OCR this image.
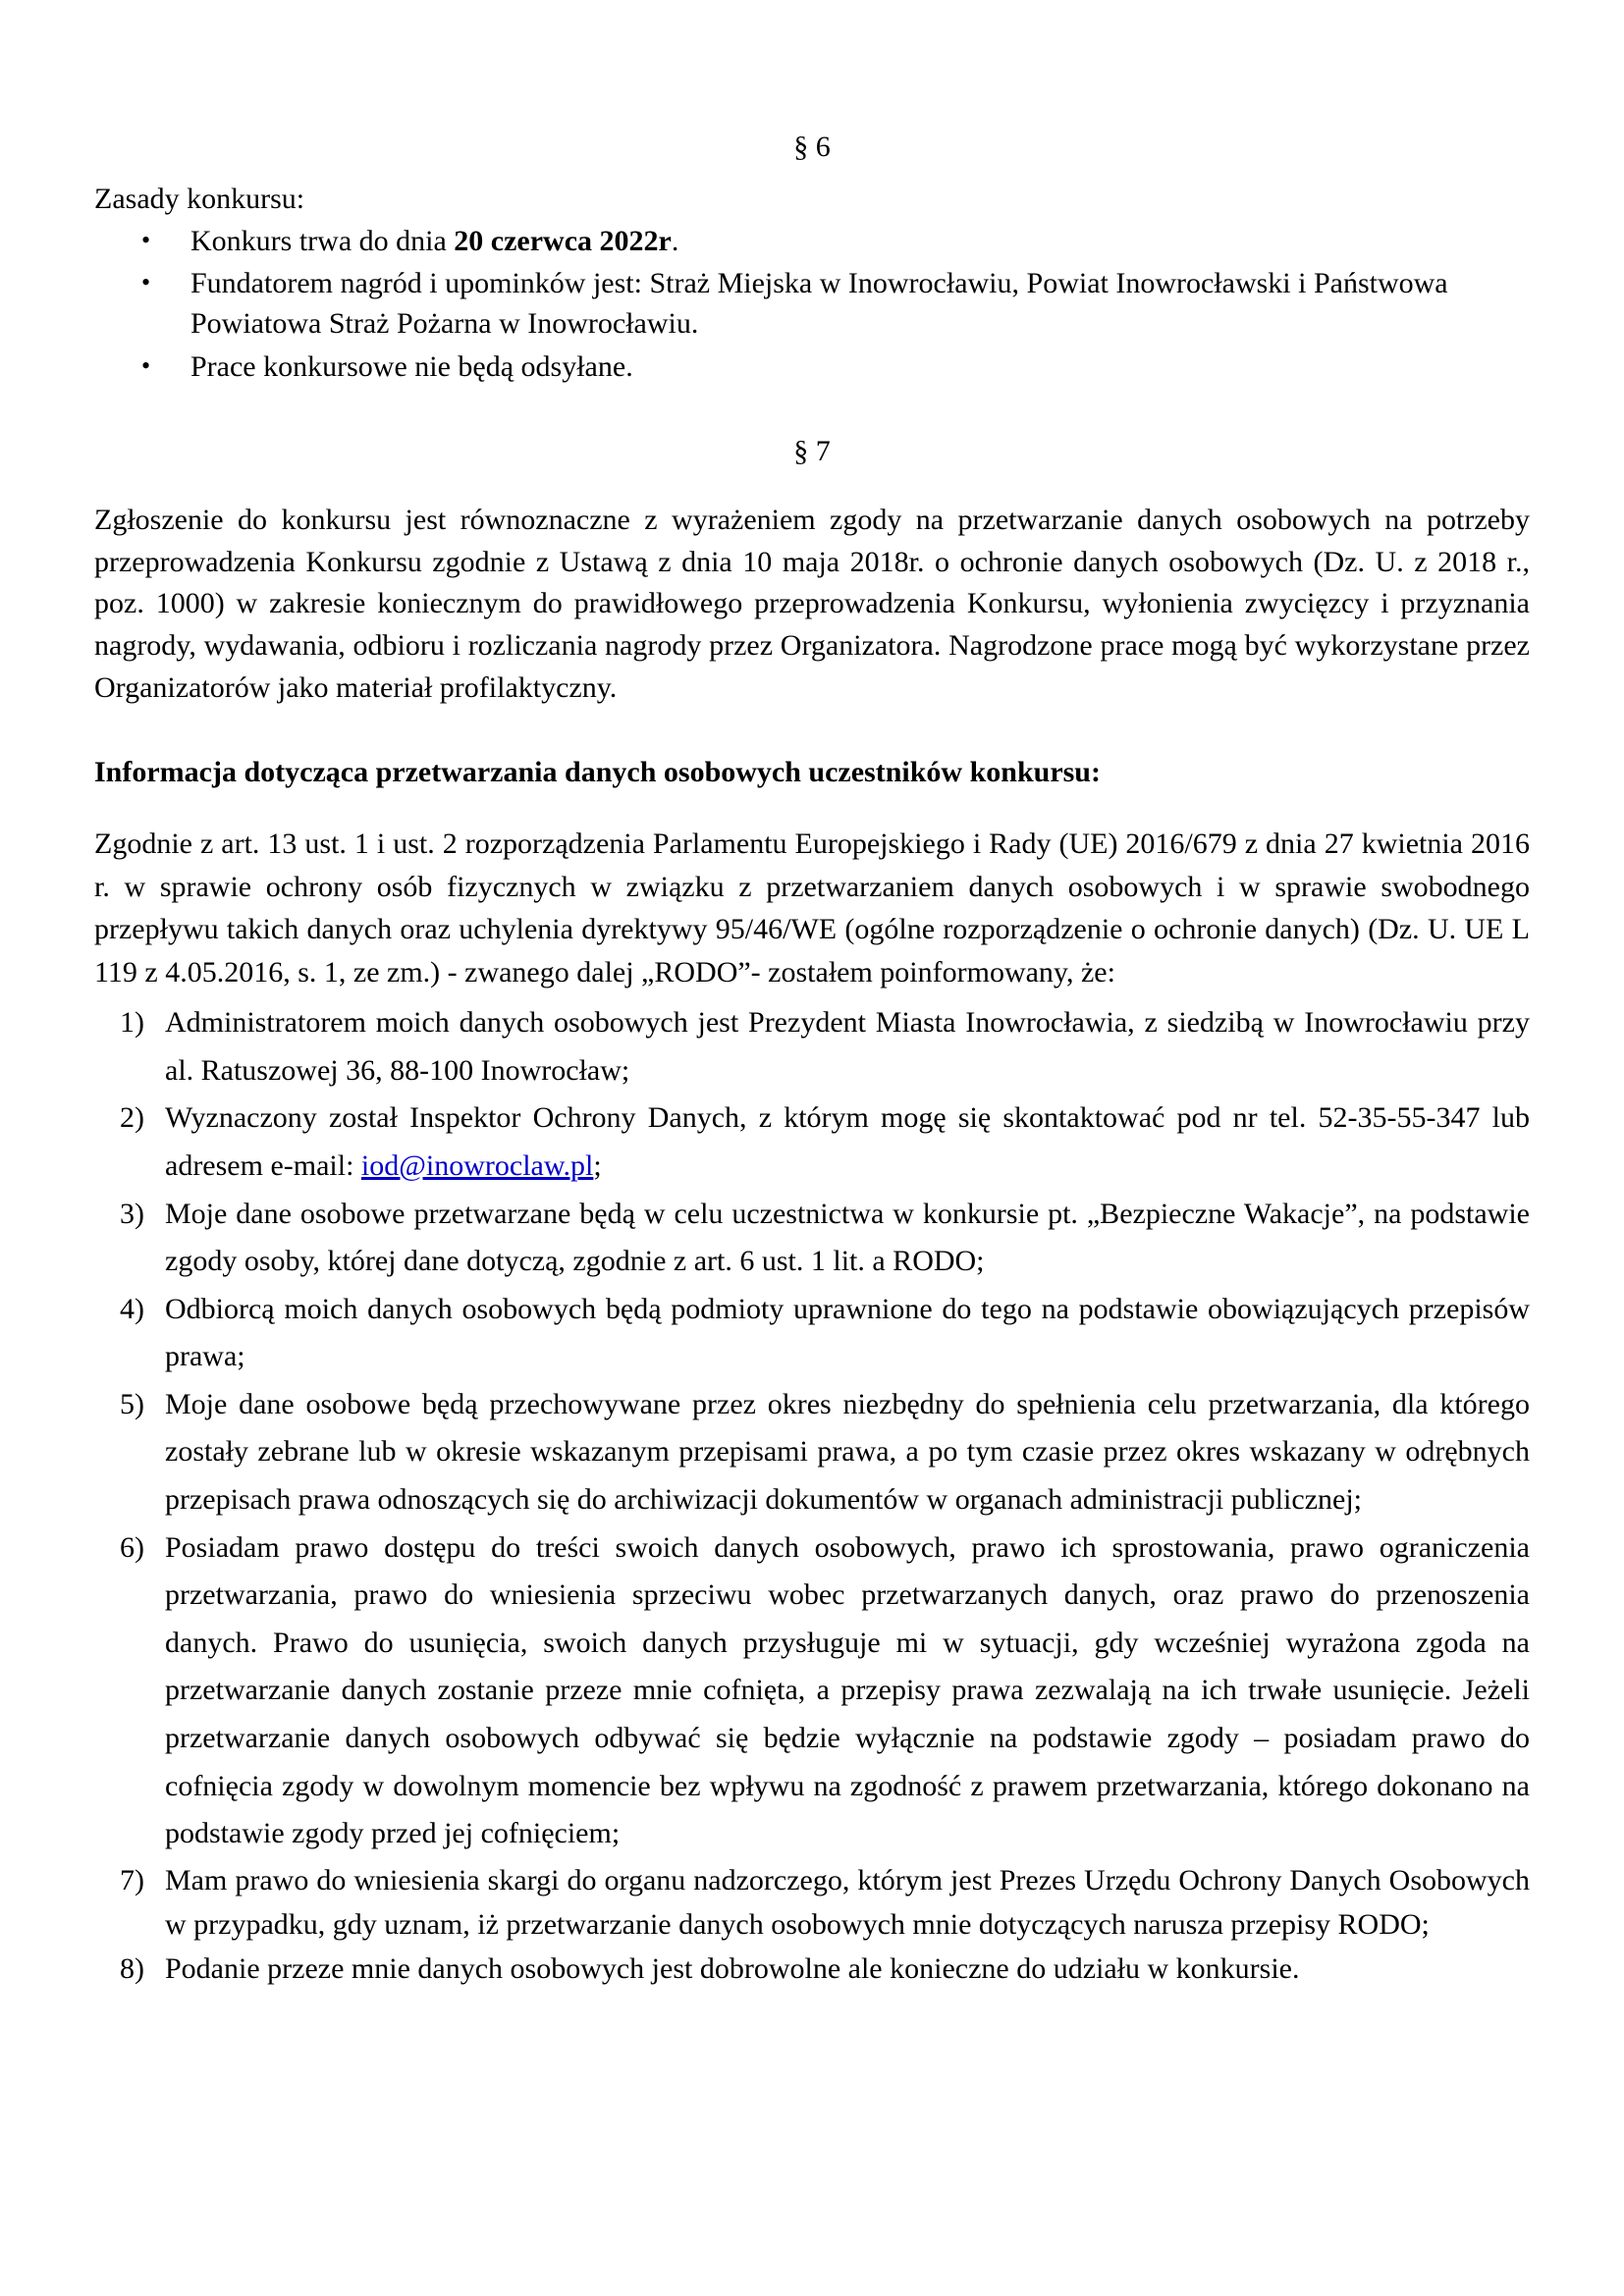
§ 6

Zasady konkursu:

• Konkurs trwa do dnia 20 czerwca 2022r.
• Fundatorem nagród i upominków jest: Straż Miejska w Inowrocławiu, Powiat Inowrocławski i Państwowa Powiatowa Straż Pożarna w Inowrocławiu.
• Prace konkursowe nie będą odsyłane.

§ 7

Zgłoszenie do konkursu jest równoznaczne z wyrażeniem zgody na przetwarzanie danych osobowych na potrzeby przeprowadzenia Konkursu zgodnie z Ustawą z dnia 10 maja 2018r. o ochronie danych osobowych (Dz. U. z 2018 r., poz. 1000) w zakresie koniecznym do prawidłowego przeprowadzenia Konkursu, wyłonienia zwycięzcy i przyznania nagrody, wydawania, odbioru i rozliczania nagrody przez Organizatora. Nagrodzone prace mogą być wykorzystane przez Organizatorów jako materiał profilaktyczny.

Informacja dotycząca przetwarzania danych osobowych uczestników konkursu:

Zgodnie z art. 13 ust. 1 i ust. 2 rozporządzenia Parlamentu Europejskiego i Rady (UE) 2016/679 z dnia 27 kwietnia 2016 r. w sprawie ochrony osób fizycznych w związku z przetwarzaniem danych osobowych i w sprawie swobodnego przepływu takich danych oraz uchylenia dyrektywy 95/46/WE (ogólne rozporządzenie o ochronie danych) (Dz. U. UE L 119 z 4.05.2016, s. 1, ze zm.) - zwanego dalej „RODO”- zostałem poinformowany, że:

1) Administratorem moich danych osobowych jest Prezydent Miasta Inowrocławia, z siedzibą w Inowrocławiu przy al. Ratuszowej 36, 88-100 Inowrocław;
2) Wyznaczony został Inspektor Ochrony Danych, z którym mogę się skontaktować pod nr tel. 52-35-55-347 lub adresem e-mail: iod@inowroclaw.pl;
3) Moje dane osobowe przetwarzane będą w celu uczestnictwa w konkursie pt. „Bezpieczne Wakacje”, na podstawie zgody osoby, której dane dotyczą, zgodnie z art. 6 ust. 1 lit. a RODO;
4) Odbiorcą moich danych osobowych będą podmioty uprawnione do tego na podstawie obowiązujących przepisów prawa;
5) Moje dane osobowe będą przechowywane przez okres niezbędny do spełnienia celu przetwarzania, dla którego zostały zebrane lub w okresie wskazanym przepisami prawa, a po tym czasie przez okres wskazany w odrębnych przepisach prawa odnoszących się do archiwizacji dokumentów w organach administracji publicznej;
6) Posiadam prawo dostępu do treści swoich danych osobowych, prawo ich sprostowania, prawo ograniczenia przetwarzania, prawo do wniesienia sprzeciwu wobec przetwarzanych danych, oraz prawo do przenoszenia danych. Prawo do usunięcia, swoich danych przysługuje mi w sytuacji, gdy wcześniej wyrażona zgoda na przetwarzanie danych zostanie przeze mnie cofnięta, a przepisy prawa zezwalają na ich trwałe usunięcie. Jeżeli przetwarzanie danych osobowych odbywać się będzie wyłącznie na podstawie zgody – posiadam prawo do cofnięcia zgody w dowolnym momencie bez wpływu na zgodność z prawem przetwarzania, którego dokonano na podstawie zgody przed jej cofnięciem;
7) Mam prawo do wniesienia skargi do organu nadzorczego, którym jest Prezes Urzędu Ochrony Danych Osobowych w przypadku, gdy uznam, iż przetwarzanie danych osobowych mnie dotyczących narusza przepisy RODO;
8) Podanie przeze mnie danych osobowych jest dobrowolne ale konieczne do udziału w konkursie.
